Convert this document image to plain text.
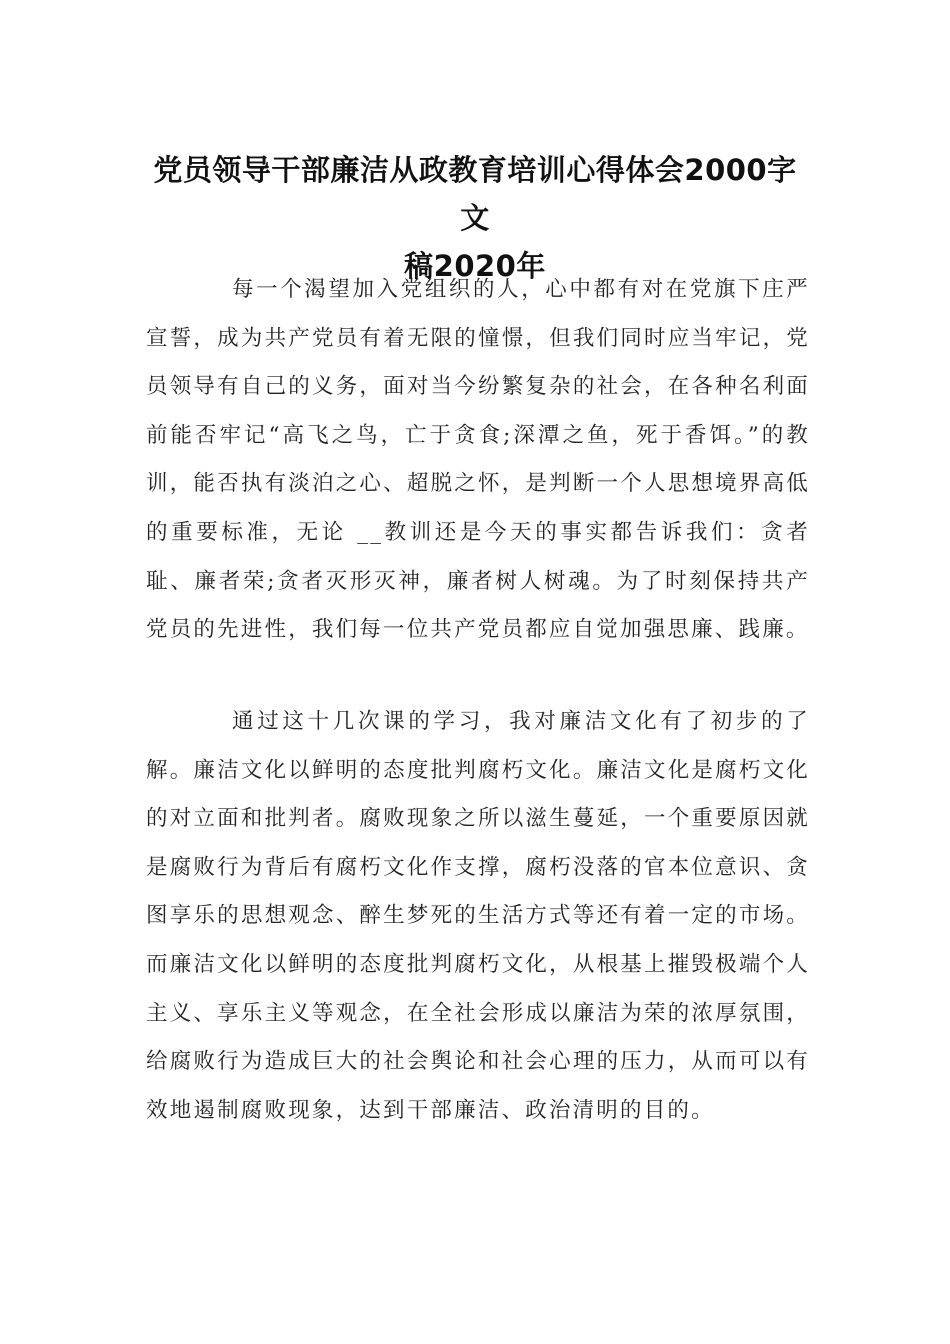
党员领导干部廉洁从政教育培训心得体会2000字文
稿2020年

每一个渴望加入党组织的人，心中都有对在党旗下庄严宣誓，成为共产党员有着无限的憧憬，但我们同时应当牢记，党员领导有自己的义务，面对当今纷繁复杂的社会，在各种名利面前能否牢记“高飞之鸟，亡于贪食;深潭之鱼，死于香饵。”的教训，能否执有淡泊之心、超脱之怀，是判断一个人思想境界高低的重要标准，无论 __教训还是今天的事实都告诉我们：贪者耻、廉者荣;贪者灭形灭神，廉者树人树魂。为了时刻保持共产党员的先进性，我们每一位共产党员都应自觉加强思廉、践廉。

通过这十几次课的学习，我对廉洁文化有了初步的了解。廉洁文化以鲜明的态度批判腐朽文化。廉洁文化是腐朽文化的对立面和批判者。腐败现象之所以滋生蔓延，一个重要原因就是腐败行为背后有腐朽文化作支撑，腐朽没落的官本位意识、贪图享乐的思想观念、醉生梦死的生活方式等还有着一定的市场。而廉洁文化以鲜明的态度批判腐朽文化，从根基上摧毁极端个人主义、享乐主义等观念，在全社会形成以廉洁为荣的浓厚氛围，给腐败行为造成巨大的社会舆论和社会心理的压力，从而可以有效地遏制腐败现象，达到干部廉洁、政治清明的目的。
